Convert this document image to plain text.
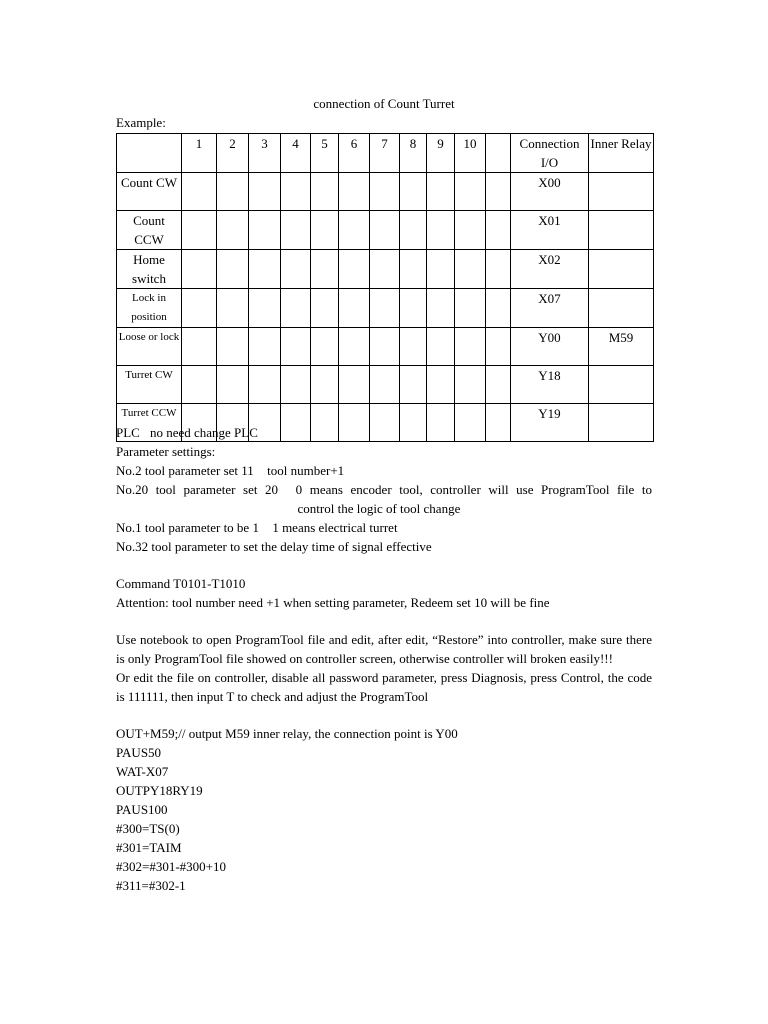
connection of Count Turret
Example:
	1	2	3	4	5	6	7	8	9	10		Connection I/O	Inner Relay
Count CW												X00	
Count CCW												X01	
Home switch												X02	
Lock in position												X07	
Loose or lock												Y00	M59
Turret CW												Y18	
Turret CCW												Y19	
PLC no need change PLC
Parameter settings:
No.2 tool parameter set 11  tool number+1 
No.20 tool parameter set 20  0 means encoder tool, controller will use ProgramTool file to
control the logic of tool change 
No.1 tool parameter to be 1  1 means electrical turret 
No.32 tool parameter to set the delay time of signal effective
Command T0101-T1010
Attention: tool number need +1 when setting parameter, Redeem set 10 will be fine
Use notebook to open ProgramTool file and edit, after edit, “Restore” into controller, make sure there is only ProgramTool file showed on controller screen, otherwise controller will broken easily!!!
Or edit the file on controller, disable all password parameter, press Diagnosis, press Control, the code is 111111, then input T to check and adjust the ProgramTool
OUT+M59;// output M59 inner relay, the connection point is Y00
PAUS50
WAT-X07
OUTPY18RY19
PAUS100
#300=TS(0)
#301=TAIM
#302=#301-#300+10
#311=#302-1
